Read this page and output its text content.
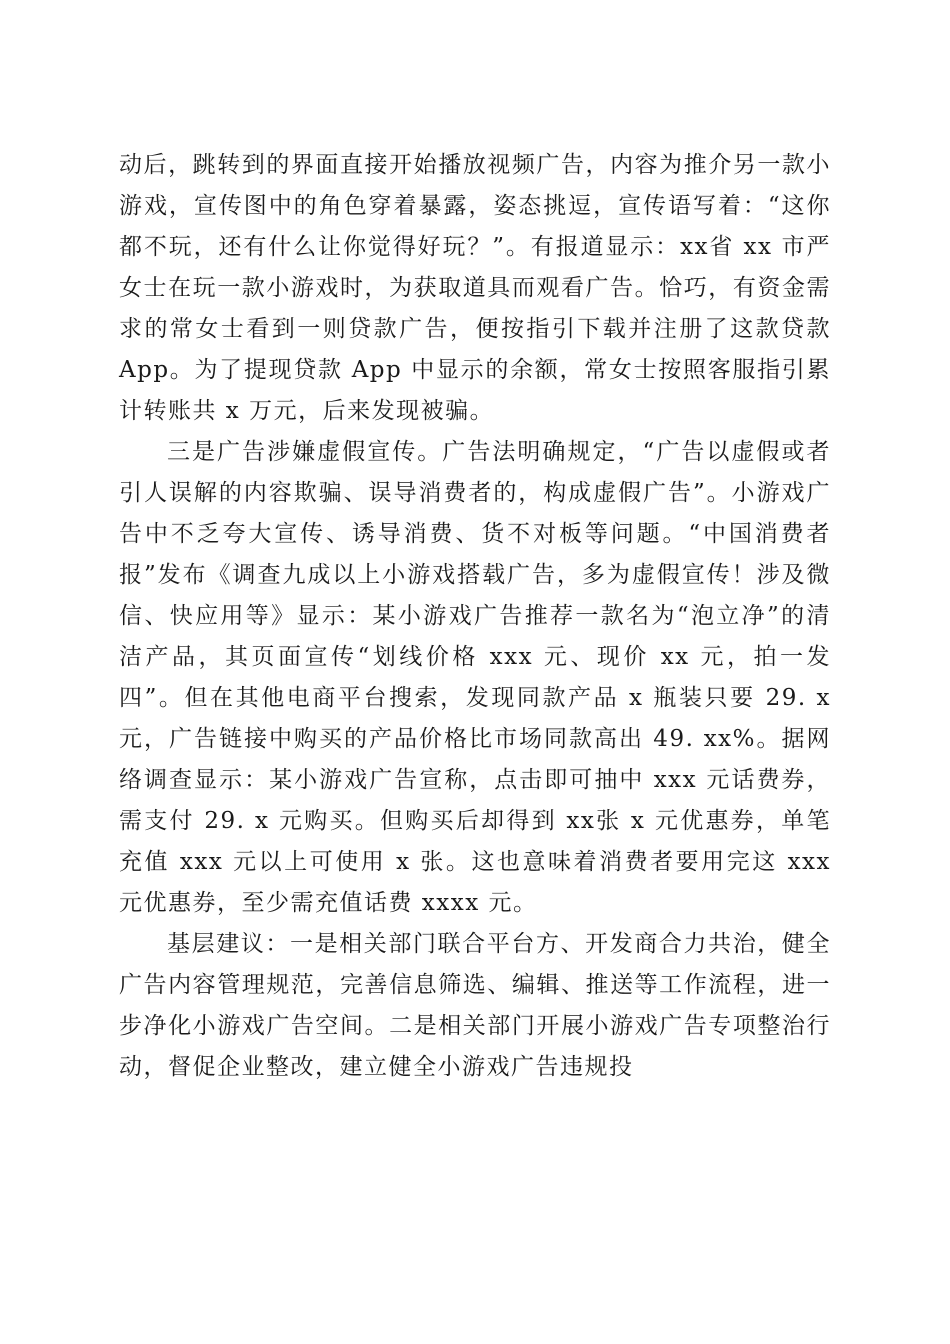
动后，跳转到的界面直接开始播放视频广告，内容为推介另一款小游戏，宣传图中的角色穿着暴露，姿态挑逗，宣传语写着：“这你都不玩，还有什么让你觉得好玩？”。有报道显示：xx省 xx 市严女士在玩一款小游戏时，为获取道具而观看广告。恰巧，有资金需求的常女士看到一则贷款广告，便按指引下载并注册了这款贷款 App。为了提现贷款 App 中显示的余额，常女士按照客服指引累计转账共 x 万元，后来发现被骗。

三是广告涉嫌虚假宣传。广告法明确规定，“广告以虚假或者引人误解的内容欺骗、误导消费者的，构成虚假广告”。小游戏广告中不乏夸大宣传、诱导消费、货不对板等问题。“中国消费者报”发布《调查九成以上小游戏搭载广告，多为虚假宣传！涉及微信、快应用等》显示：某小游戏广告推荐一款名为“泡立净”的清洁产品，其页面宣传“划线价格 xxx 元、现价 xx 元，拍一发四”。但在其他电商平台搜索，发现同款产品 x 瓶装只要 29. x 元，广告链接中购买的产品价格比市场同款高出 49. xx%。据网络调查显示：某小游戏广告宣称，点击即可抽中 xxx 元话费券，需支付 29. x 元购买。但购买后却得到 xx张 x 元优惠券，单笔充值 xxx 元以上可使用 x 张。这也意味着消费者要用完这 xxx 元优惠券，至少需充值话费 xxxx 元。

基层建议：一是相关部门联合平台方、开发商合力共治，健全广告内容管理规范，完善信息筛选、编辑、推送等工作流程，进一步净化小游戏广告空间。二是相关部门开展小游戏广告专项整治行动，督促企业整改，建立健全小游戏广告违规投
